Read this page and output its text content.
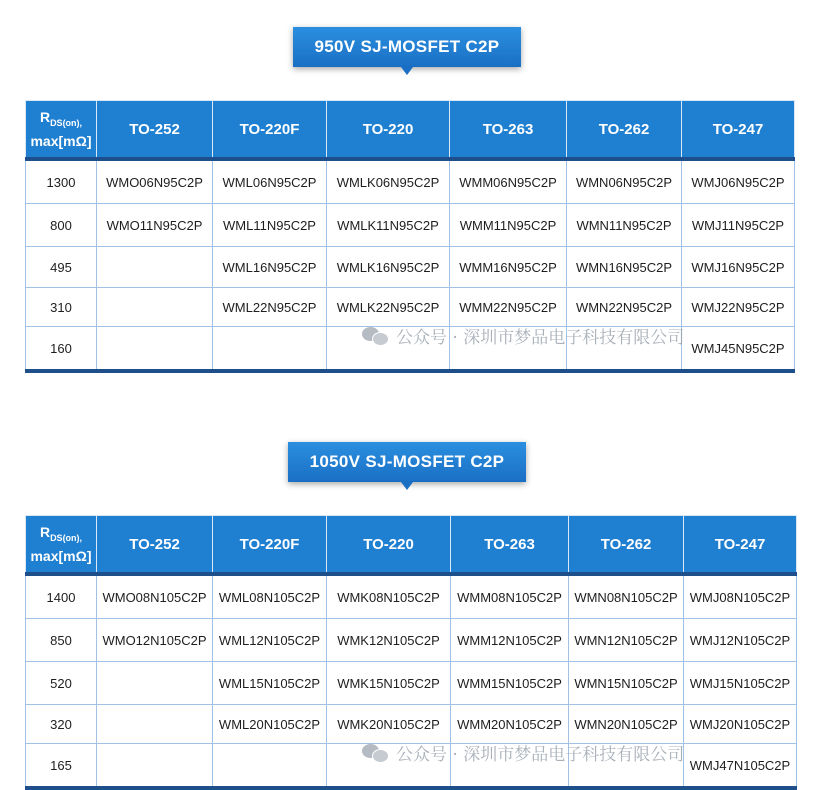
950V SJ-MOSFET C2P
$R_{DS(on),}$
max[mΩ]	TO-252	TO-220F	TO-220	TO-263	TO-262	TO-247
1300	WMO06N95C2P	WML06N95C2P	WMLK06N95C2P	WMM06N95C2P	WMN06N95C2P	WMJ06N95C2P
800	WMO11N95C2P	WML11N95C2P	WMLK11N95C2P	WMM11N95C2P	WMN11N95C2P	WMJ11N95C2P
495		WML16N95C2P	WMLK16N95C2P	WMM16N95C2P	WMN16N95C2P	WMJ16N95C2P
310		WML22N95C2P	WMLK22N95C2P	WMM22N95C2P	WMN22N95C2P	WMJ22N95C2P
160						WMJ45N95C2P
公众号 · 深圳市梦品电子科技有限公司
1050V SJ-MOSFET C2P
$R_{DS(on),}$
max[mΩ]	TO-252	TO-220F	TO-220	TO-263	TO-262	TO-247
1400	WMO08N105C2P	WML08N105C2P	WMK08N105C2P	WMM08N105C2P	WMN08N105C2P	WMJ08N105C2P
850	WMO12N105C2P	WML12N105C2P	WMK12N105C2P	WMM12N105C2P	WMN12N105C2P	WMJ12N105C2P
520		WML15N105C2P	WMK15N105C2P	WMM15N105C2P	WMN15N105C2P	WMJ15N105C2P
320		WML20N105C2P	WMK20N105C2P	WMM20N105C2P	WMN20N105C2P	WMJ20N105C2P
165						WMJ47N105C2P
公众号 · 深圳市梦品电子科技有限公司
